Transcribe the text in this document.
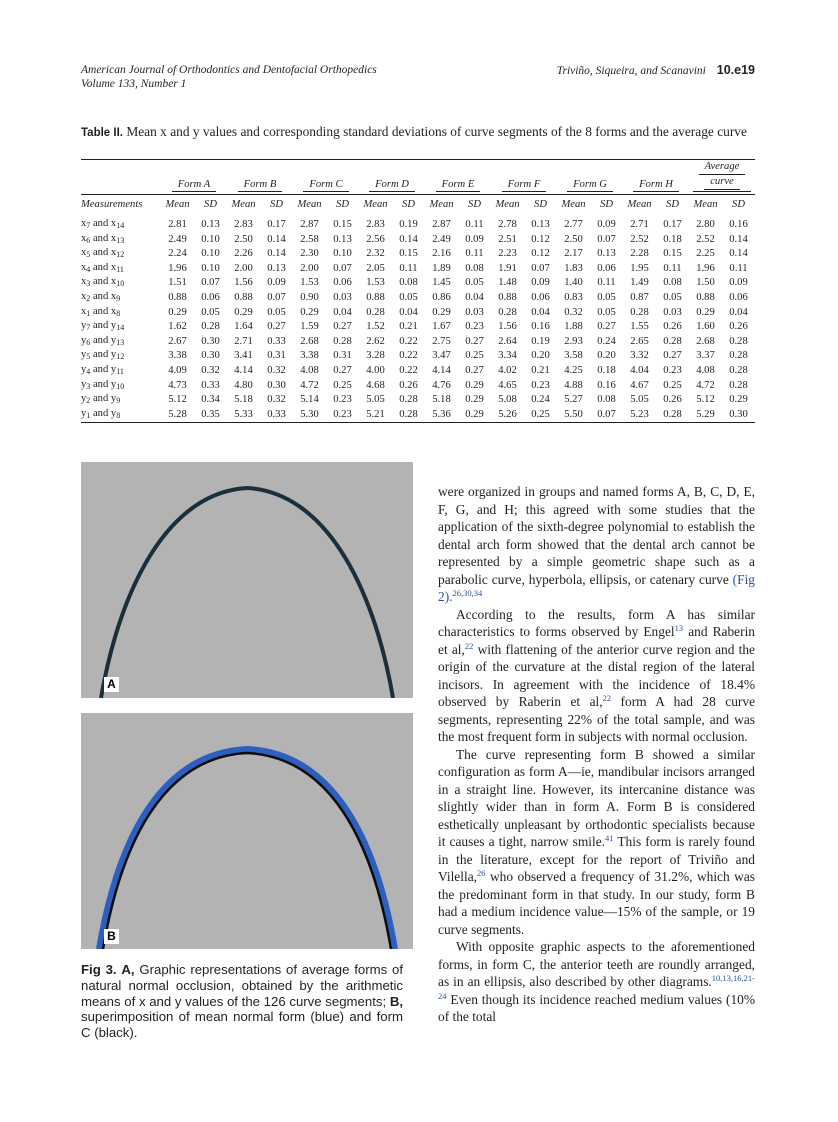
American Journal of Orthodontics and Dentofacial Orthopedics
Volume 133, Number 1
Triviño, Siqueira, and Scanavini 10.e19
Table II. Mean x and y values and corresponding standard deviations of curve segments of the 8 forms and the average curve
	Form A	Form B	Form C	Form D	Form E	Form F	Form G	Form H	Average
curve
Measurements	Mean	SD	Mean	SD	Mean	SD	Mean	SD	Mean	SD	Mean	SD	Mean	SD	Mean	SD	Mean	SD
$x_7$ and $x_{14}$	2.81	0.13	2.83	0.17	2.87	0.15	2.83	0.19	2.87	0.11	2.78	0.13	2.77	0.09	2.71	0.17	2.80	0.16
$x_6$ and $x_{13}$	2.49	0.10	2.50	0.14	2.58	0.13	2.56	0.14	2.49	0.09	2.51	0.12	2.50	0.07	2.52	0.18	2.52	0.14
$x_5$ and $x_{12}$	2.24	0.10	2.26	0.14	2.30	0.10	2.32	0.15	2.16	0.11	2.23	0.12	2.17	0.13	2.28	0.15	2.25	0.14
$x_4$ and $x_{11}$	1.96	0.10	2.00	0.13	2.00	0.07	2.05	0.11	1.89	0.08	1.91	0.07	1.83	0.06	1.95	0.11	1.96	0.11
$x_3$ and $x_{10}$	1.51	0.07	1.56	0.09	1.53	0.06	1.53	0.08	1.45	0.05	1.48	0.09	1.40	0.11	1.49	0.08	1.50	0.09
$x_2$ and $x_9$	0.88	0.06	0.88	0.07	0.90	0.03	0.88	0.05	0.86	0.04	0.88	0.06	0.83	0.05	0.87	0.05	0.88	0.06
$x_1$ and $x_8$	0.29	0.05	0.29	0.05	0.29	0.04	0.28	0.04	0.29	0.03	0.28	0.04	0.32	0.05	0.28	0.03	0.29	0.04
$y_7$ and $y_{14}$	1.62	0.28	1.64	0.27	1.59	0.27	1.52	0.21	1.67	0.23	1.56	0.16	1.88	0.27	1.55	0.26	1.60	0.26
$y_6$ and $y_{13}$	2.67	0.30	2.71	0.33	2.68	0.28	2.62	0.22	2.75	0.27	2.64	0.19	2.93	0.24	2.65	0.28	2.68	0.28
$y_5$ and $y_{12}$	3.38	0.30	3.41	0.31	3.38	0.31	3.28	0.22	3.47	0.25	3.34	0.20	3.58	0.20	3.32	0.27	3.37	0.28
$y_4$ and $y_{11}$	4.09	0.32	4.14	0.32	4.08	0.27	4.00	0.22	4.14	0.27	4.02	0.21	4.25	0.18	4.04	0.23	4.08	0.28
$y_3$ and $y_{10}$	4.73	0.33	4.80	0.30	4.72	0.25	4.68	0.26	4.76	0.29	4.65	0.23	4.88	0.16	4.67	0.25	4.72	0.28
$y_2$ and $y_9$	5.12	0.34	5.18	0.32	5.14	0.23	5.05	0.28	5.18	0.29	5.08	0.24	5.27	0.08	5.05	0.26	5.12	0.29
$y_1$ and $y_8$	5.28	0.35	5.33	0.33	5.30	0.23	5.21	0.28	5.36	0.29	5.26	0.25	5.50	0.07	5.23	0.28	5.29	0.30
A
B
Fig 3. A, Graphic representations of average forms of natural normal occlusion, obtained by the arithmetic means of x and y values of the 126 curve segments; B, superimposition of mean normal form (blue) and form C (black).

were organized in groups and named forms A, B, C, D, E, F, G, and H; this agreed with some studies that the application of the sixth-degree polynomial to establish the dental arch form showed that the dental arch cannot be represented by a simple geometric shape such as a parabolic curve, hyperbola, ellipsis, or catenary curve (Fig 2).$^{26,30,34}$

According to the results, form A has similar characteristics to forms observed by Engel$^{13}$ and Raberin et al,$^{22}$ with flattening of the anterior curve region and the origin of the curvature at the distal region of the lateral incisors. In agreement with the incidence of 18.4% observed by Raberin et al,$^{22}$ form A had 28 curve segments, representing 22% of the total sample, and was the most frequent form in subjects with normal occlusion.

The curve representing form B showed a similar configuration as form A—ie, mandibular incisors arranged in a straight line. However, its intercanine distance was slightly wider than in form A. Form B is considered esthetically unpleasant by orthodontic specialists because it causes a tight, narrow smile.$^{41}$ This form is rarely found in the literature, except for the report of Triviño and Vilella,$^{26}$ who observed a frequency of 31.2%, which was the predominant form in that study. In our study, form B had a medium incidence value—15% of the sample, or 19 curve segments.

With opposite graphic aspects to the aforementioned forms, in form C, the anterior teeth are roundly arranged, as in an ellipsis, also described by other diagrams.$^{10,13,16,21-24}$ Even though its incidence reached medium values (10% of the total
